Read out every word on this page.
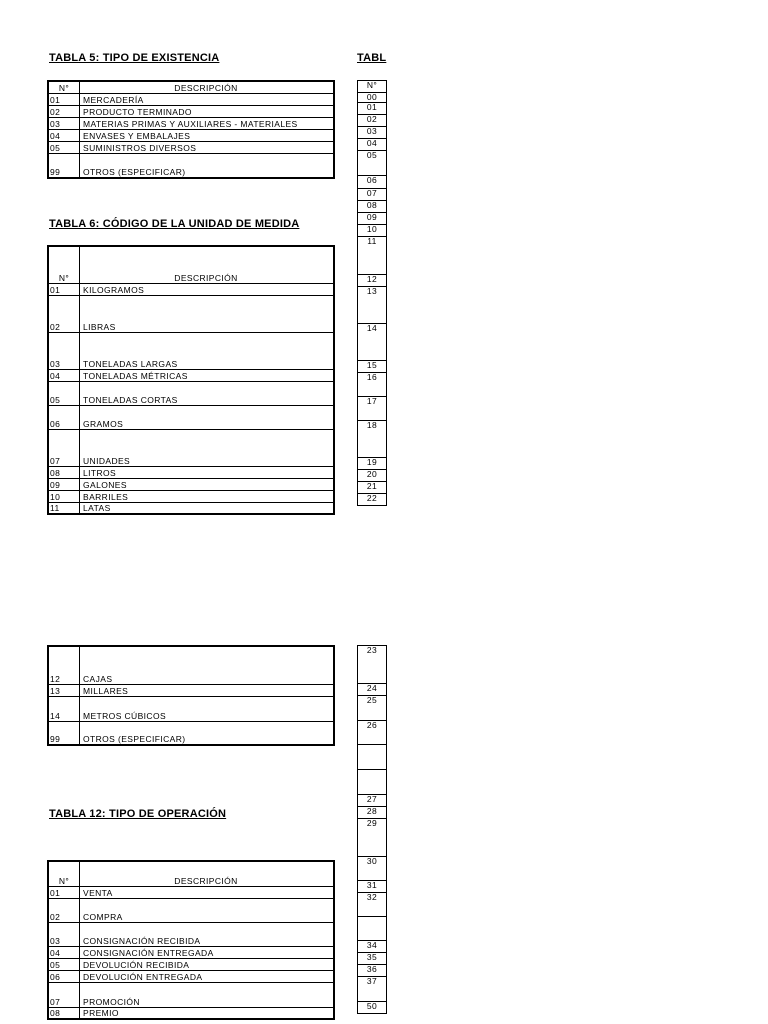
TABLA 5: TIPO DE EXISTENCIA
N°	DESCRIPCIÓN
01	MERCADERÍA
02	PRODUCTO TERMINADO
03	MATERIAS PRIMAS Y AUXILIARES - MATERIALES
04	ENVASES Y EMBALAJES
05	SUMINISTROS DIVERSOS
99	OTROS (ESPECIFICAR)
TABLA 6: CÓDIGO DE LA UNIDAD DE MEDIDA
N°	DESCRIPCIÓN
01	KILOGRAMOS
02	LIBRAS
03	TONELADAS LARGAS
04	TONELADAS MÉTRICAS
05	TONELADAS CORTAS
06	GRAMOS
07	UNIDADES
08	LITROS
09	GALONES
10	BARRILES
11	LATAS
12	CAJAS
13	MILLARES
14	METROS CÚBICOS
99	OTROS (ESPECIFICAR)
TABLA 12: TIPO DE OPERACIÓN
N°	DESCRIPCIÓN
01	VENTA
02	COMPRA
03	CONSIGNACIÓN RECIBIDA
04	CONSIGNACIÓN ENTREGADA
05	DEVOLUCIÓN RECIBIDA
06	DEVOLUCIÓN ENTREGADA
07	PROMOCIÓN
08	PREMIO
TABL
N°
00
01
02
03
04
05
06
07
08
09
10
11
12
13
14
15
16
17
18
19
20
21
22
23
24
25
26

27
28
29
30
31
32

34
35
36
37
50
